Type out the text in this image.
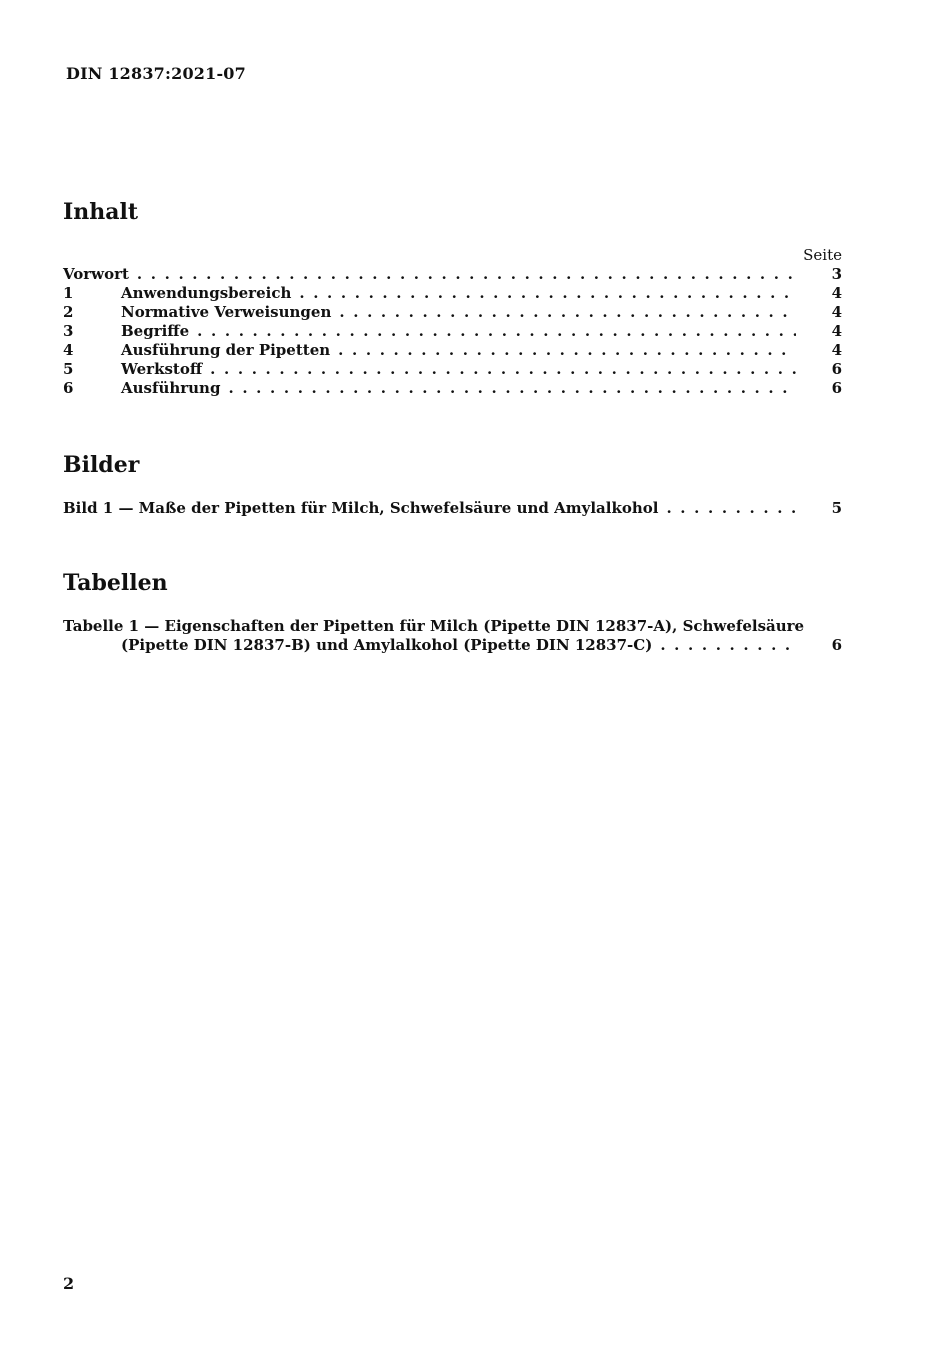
DIN 12837:2021-07
Inhalt
Seite
Vorwort . . .	3
1	Anwendungsbereich . . .	4
2	Normative Verweisungen . . .	4
3	Begriffe . . .	4
4	Ausführung der Pipetten . . .	4
5	Werkstoff . . .	6
6	Ausführung . . .	6
Bilder
Bild 1 — Maße der Pipetten für Milch, Schwefelsäure und Amylalkohol . . .	5
Tabellen
Tabelle 1 — Eigenschaften der Pipetten für Milch (Pipette DIN 12837-A), Schwefelsäure
(Pipette DIN 12837-B) und Amylalkohol (Pipette DIN 12837-C) . . .	6
2
